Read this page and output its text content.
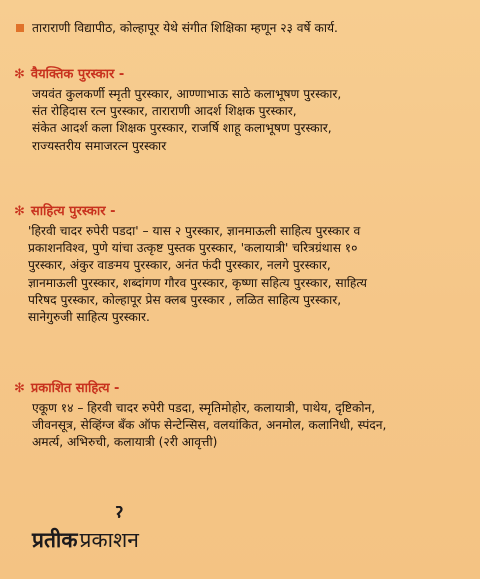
ताराराणी विद्यापीठ, कोल्हापूर येथे संगीत शिक्षिका म्हणून २३ वर्षे कार्य.
✻ वैयक्तिक पुरस्कार -
जयवंत कुलकर्णी स्मृती पुरस्कार, आण्णाभाऊ साठे कलाभूषण पुरस्कार,
संत रोहिदास रत्न पुरस्कार, ताराराणी आदर्श शिक्षक पुरस्कार,
संकेत आदर्श कला शिक्षक पुरस्कार, राजर्षि शाहू कलाभूषण पुरस्कार,
राज्यस्तरीय समाजरत्न पुरस्कार
✻ साहित्य पुरस्कार -
'हिरवी चादर रुपेरी पडदा' – यास २ पुरस्कार, ज्ञानमाऊली साहित्य पुरस्कार व
प्रकाशनविश्व, पुणे यांचा उत्कृष्ट पुस्तक पुरस्कार, 'कलायात्री' चरित्रग्रंथास १०
पुरस्कार, अंकुर वाङमय पुरस्कार, अनंत फंदी पुरस्कार, नलगे पुरस्कार,
ज्ञानमाऊली पुरस्कार, शब्दांगण गौरव पुरस्कार, कृष्णा सहित्य पुरस्कार, साहित्य
परिषद पुरस्कार, कोल्हापूर प्रेस क्लब पुरस्कार , लळित साहित्य पुरस्कार,
सानेगुरुजी साहित्य पुरस्कार.
✻ प्रकाशित साहित्य -
एकूण १४ – हिरवी चादर रुपेरी पडदा, स्मृतिमोहोर, कलायात्री, पाथेय, दृष्टिकोन,
जीवनसूत्र, सेव्हिंग्ज बँक ऑफ सेन्टेन्सिस, वलयांकित, अनमोल, कलानिधी, स्पंदन,
अमर्त्य, अभिरुची, कलायात्री (२री आवृत्ती)
प्रतीकप्रकाशन
